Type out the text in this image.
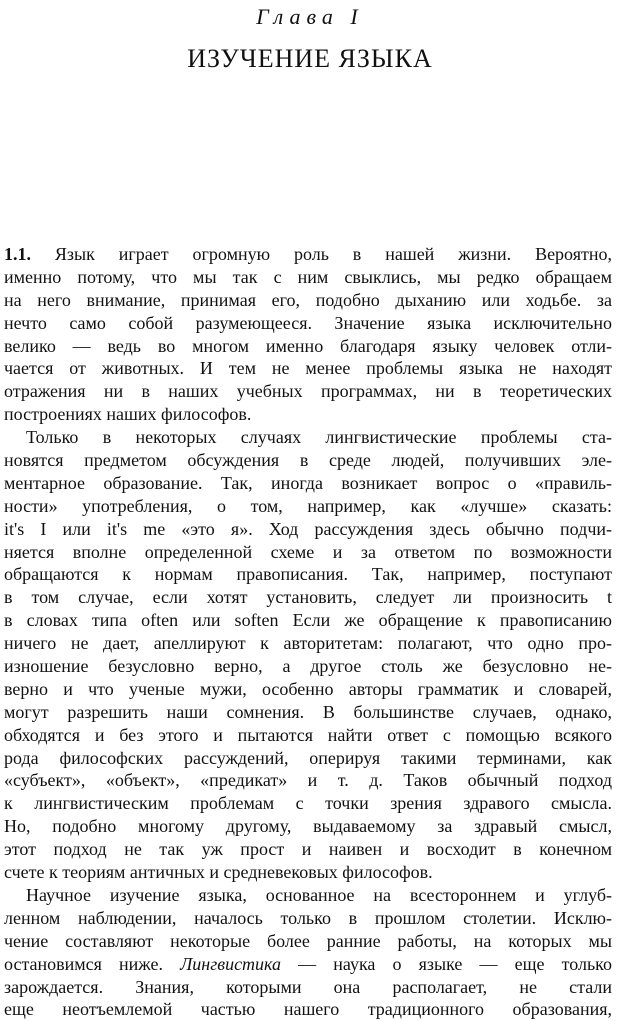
Глава I
ИЗУЧЕНИЕ ЯЗЫКА
1.1. Язык играет огромную роль в нашей жизни. Вероятно,
именно потому, что мы так с ним свыклись, мы редко обращаем
на него внимание, принимая его, подобно дыханию или ходьбе. за
нечто само собой разумеющееся. Значение языка исключительно
велико — ведь во многом именно благодаря языку человек отли-
чается от животных. И тем не менее проблемы языка не находят
отражения ни в наших учебных программах, ни в теоретических
построениях наших философов.
Только в некоторых случаях лингвистические проблемы ста-
новятся предметом обсуждения в среде людей, получивших эле-
ментарное образование. Так, иногда возникает вопрос о «правиль-
ности» употребления, о том, например, как «лучше» сказать:
it's I или it's me «это я». Ход рассуждения здесь обычно подчи-
няется вполне определенной схеме и за ответом по возможности
обращаются к нормам правописания. Так, например, поступают
в том случае, если хотят установить, следует ли произносить t
в словах типа often или soften Если же обращение к правописанию
ничего не дает, апеллируют к авторитетам: полагают, что одно про-
изношение безусловно верно, а другое столь же безусловно не-
верно и что ученые мужи, особенно авторы грамматик и словарей,
могут разрешить наши сомнения. В большинстве случаев, однако,
обходятся и без этого и пытаются найти ответ с помощью всякого
рода философских рассуждений, оперируя такими терминами, как
«субъект», «объект», «предикат» и т. д. Таков обычный подход
к лингвистическим проблемам с точки зрения здравого смысла.
Но, подобно многому другому, выдаваемому за здравый смысл,
этот подход не так уж прост и наивен и восходит в конечном
счете к теориям античных и средневековых философов.
Научное изучение языка, основанное на всестороннем и углуб-
ленном наблюдении, началось только в прошлом столетии. Исклю-
чение составляют некоторые более ранние работы, на которых мы
остановимся ниже. Лингвистика — наука о языке — еще только
зарождается. Знания, которыми она располагает, не стали
еще неотъемлемой частью нашего традиционного образования,
